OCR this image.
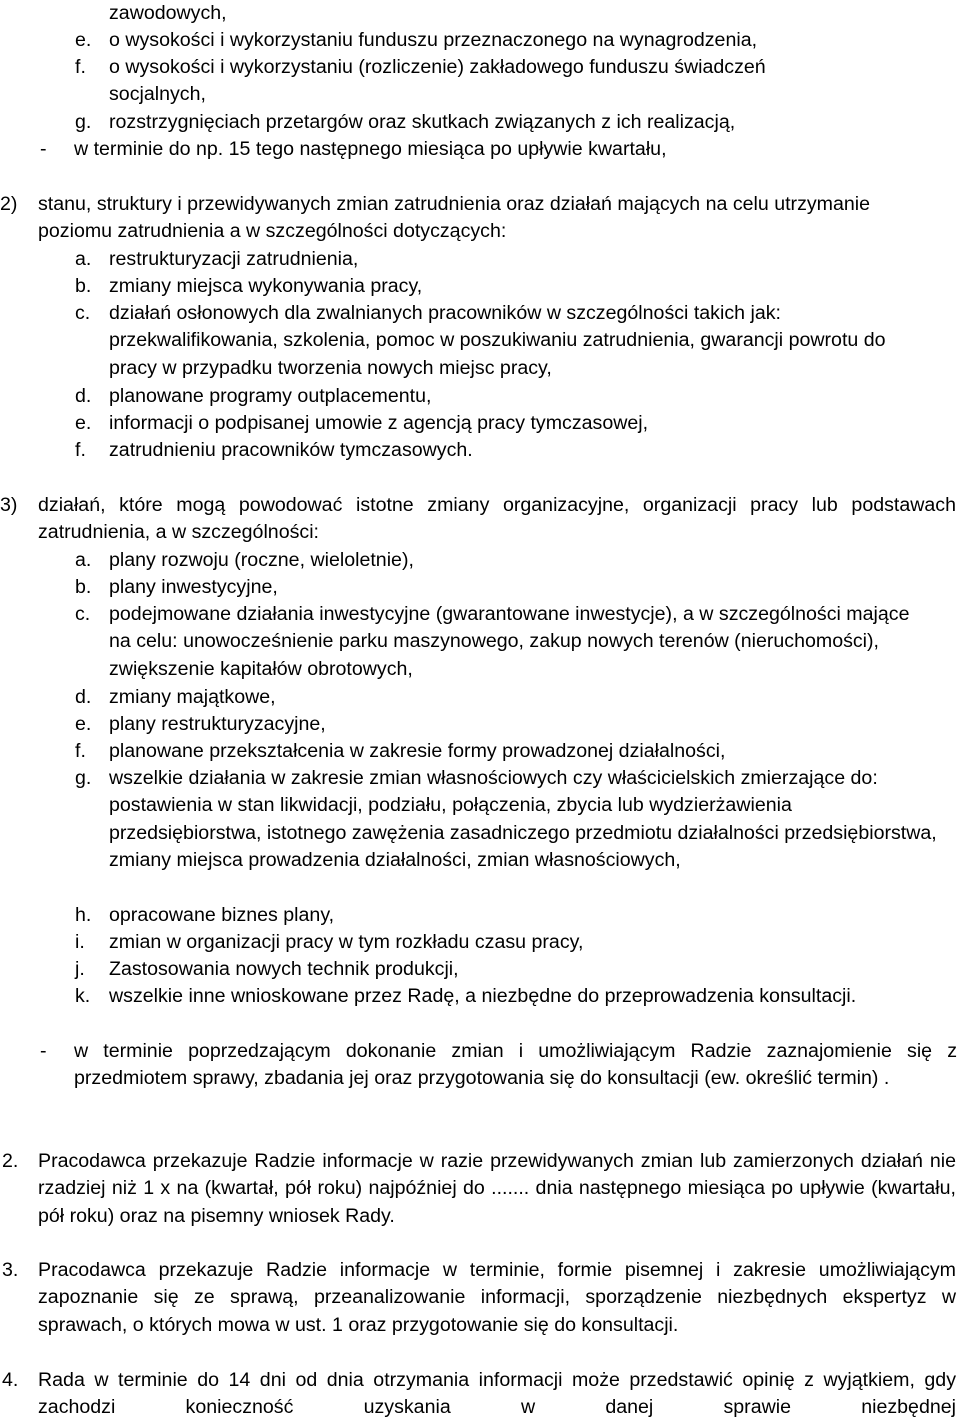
zawodowych,
e. o wysokości i wykorzystaniu funduszu przeznaczonego na wynagrodzenia,
f. o wysokości i wykorzystaniu (rozliczenie) zakładowego funduszu świadczeń socjalnych,
g. rozstrzygnięciach przetargów oraz skutkach związanych z ich realizacją,
- w terminie do np. 15 tego następnego miesiąca po upływie kwartału,
2) stanu, struktury i przewidywanych zmian zatrudnienia oraz działań mających na celu utrzymanie poziomu zatrudnienia a w szczególności dotyczących:
a. restrukturyzacji zatrudnienia,
b. zmiany miejsca wykonywania pracy,
c. działań osłonowych dla zwalnianych pracowników w szczególności takich jak: przekwalifikowania, szkolenia, pomoc w poszukiwaniu zatrudnienia, gwarancji powrotu do pracy w przypadku tworzenia nowych miejsc pracy,
d. planowane programy outplacementu,
e. informacji o podpisanej umowie z agencją pracy tymczasowej,
f. zatrudnieniu pracowników tymczasowych.
3) działań, które mogą powodować istotne zmiany organizacyjne, organizacji pracy lub podstawach zatrudnienia, a w szczególności:
a. plany rozwoju (roczne, wieloletnie),
b. plany inwestycyjne,
c. podejmowane działania inwestycyjne (gwarantowane inwestycje), a w szczególności mające na celu: unowocześnienie parku maszynowego, zakup nowych terenów (nieruchomości), zwiększenie kapitałów obrotowych,
d. zmiany majątkowe,
e. plany restrukturyzacyjne,
f. planowane przekształcenia w zakresie formy prowadzonej działalności,
g. wszelkie działania w zakresie zmian własnościowych czy właścicielskich zmierzające do: postawienia w stan likwidacji, podziału, połączenia, zbycia lub wydzierżawienia przedsiębiorstwa, istotnego zawężenia zasadniczego przedmiotu działalności przedsiębiorstwa, zmiany miejsca prowadzenia działalności, zmian własnościowych,
h. opracowane biznes plany,
i. zmian w organizacji pracy w tym rozkładu czasu pracy,
j. Zastosowania nowych technik produkcji,
k. wszelkie inne wnioskowane przez Radę, a niezbędne do przeprowadzenia konsultacji.
- w terminie poprzedzającym dokonanie zmian i umożliwiającym Radzie zaznajomienie się z przedmiotem sprawy, zbadania jej oraz przygotowania się do konsultacji (ew. określić termin) .
2. Pracodawca przekazuje Radzie informacje w razie przewidywanych zmian lub zamierzonych działań nie rzadziej niż 1 x na (kwartał, pół roku) najpóźniej do ....... dnia następnego miesiąca po upływie (kwartału, pół roku) oraz na pisemny wniosek Rady.
3. Pracodawca przekazuje Radzie informacje w terminie, formie pisemnej i zakresie umożliwiającym zapoznanie się ze sprawą, przeanalizowanie informacji, sporządzenie niezbędnych ekspertyz w sprawach, o których mowa w ust. 1 oraz przygotowanie się do konsultacji.
4. Rada w terminie do 14 dni od dnia otrzymania informacji może przedstawić opinię z wyjątkiem, gdy zachodzi konieczność uzyskania w danej sprawie niezbędnej
